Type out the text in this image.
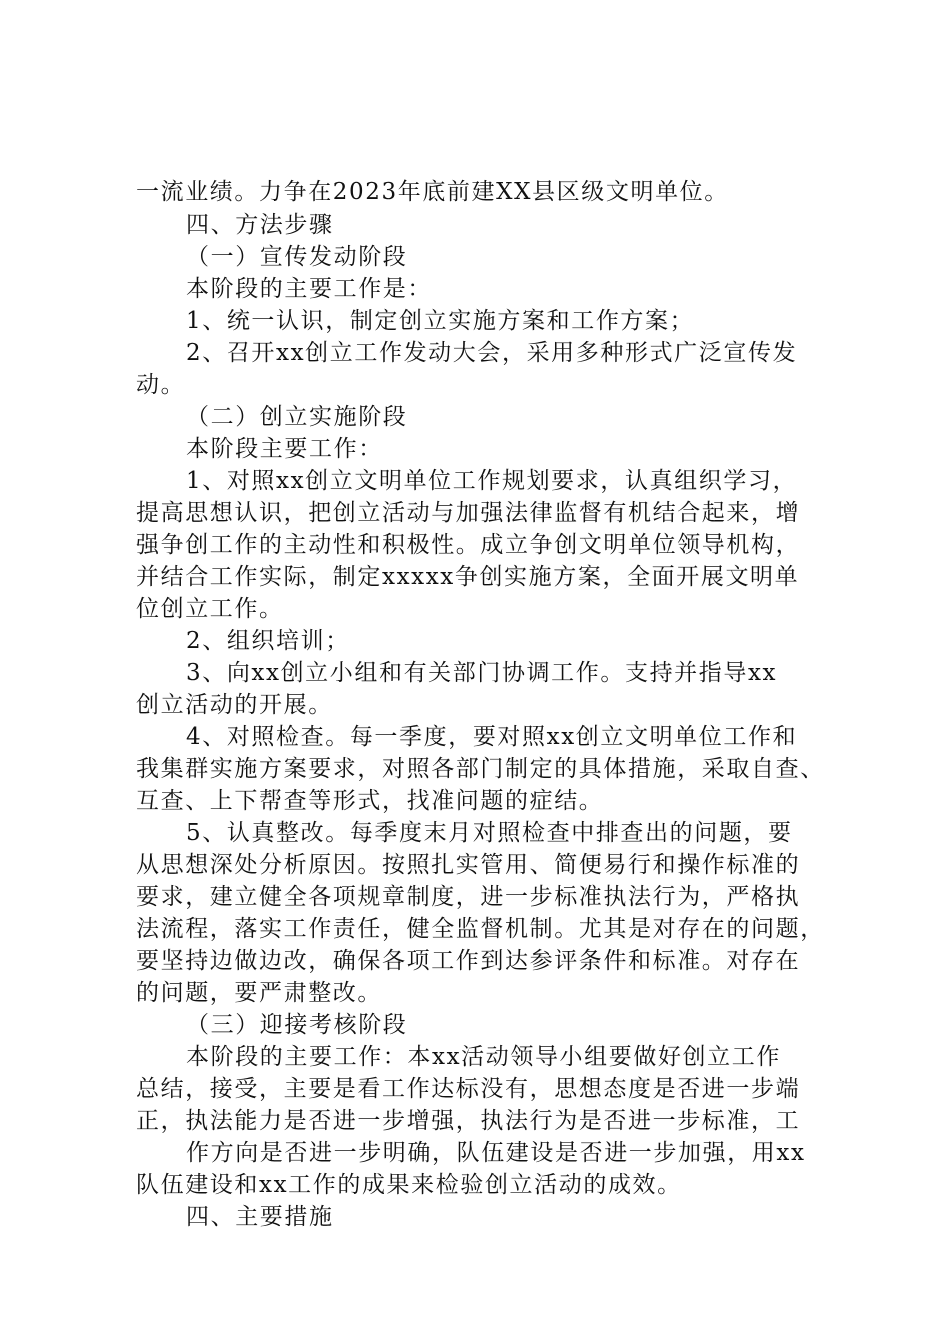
一流业绩。力争在2023年底前建XX县区级文明单位。
四、方法步骤
（一）宣传发动阶段
本阶段的主要工作是：
1、统一认识，制定创立实施方案和工作方案；
2、召开xx创立工作发动大会，采用多种形式广泛宣传发
动。
（二）创立实施阶段
本阶段主要工作：
1、对照xx创立文明单位工作规划要求，认真组织学习，
提高思想认识，把创立活动与加强法律监督有机结合起来，增
强争创工作的主动性和积极性。成立争创文明单位领导机构，
并结合工作实际，制定xxxxx争创实施方案，全面开展文明单
位创立工作。
2、组织培训；
3、向xx创立小组和有关部门协调工作。支持并指导xx
创立活动的开展。
4、对照检查。每一季度，要对照xx创立文明单位工作和
我集群实施方案要求，对照各部门制定的具体措施，采取自查、
互查、上下帮查等形式，找准问题的症结。
5、认真整改。每季度末月对照检查中排查出的问题，要
从思想深处分析原因。按照扎实管用、简便易行和操作标准的
要求，建立健全各项规章制度，进一步标准执法行为，严格执
法流程，落实工作责任，健全监督机制。尤其是对存在的问题，
要坚持边做边改，确保各项工作到达参评条件和标准。对存在
的问题，要严肃整改。
（三）迎接考核阶段
本阶段的主要工作：本xx活动领导小组要做好创立工作
总结，接受，主要是看工作达标没有，思想态度是否进一步端
正，执法能力是否进一步增强，执法行为是否进一步标准，工
作方向是否进一步明确，队伍建设是否进一步加强，用xx
队伍建设和xx工作的成果来检验创立活动的成效。
四、主要措施
